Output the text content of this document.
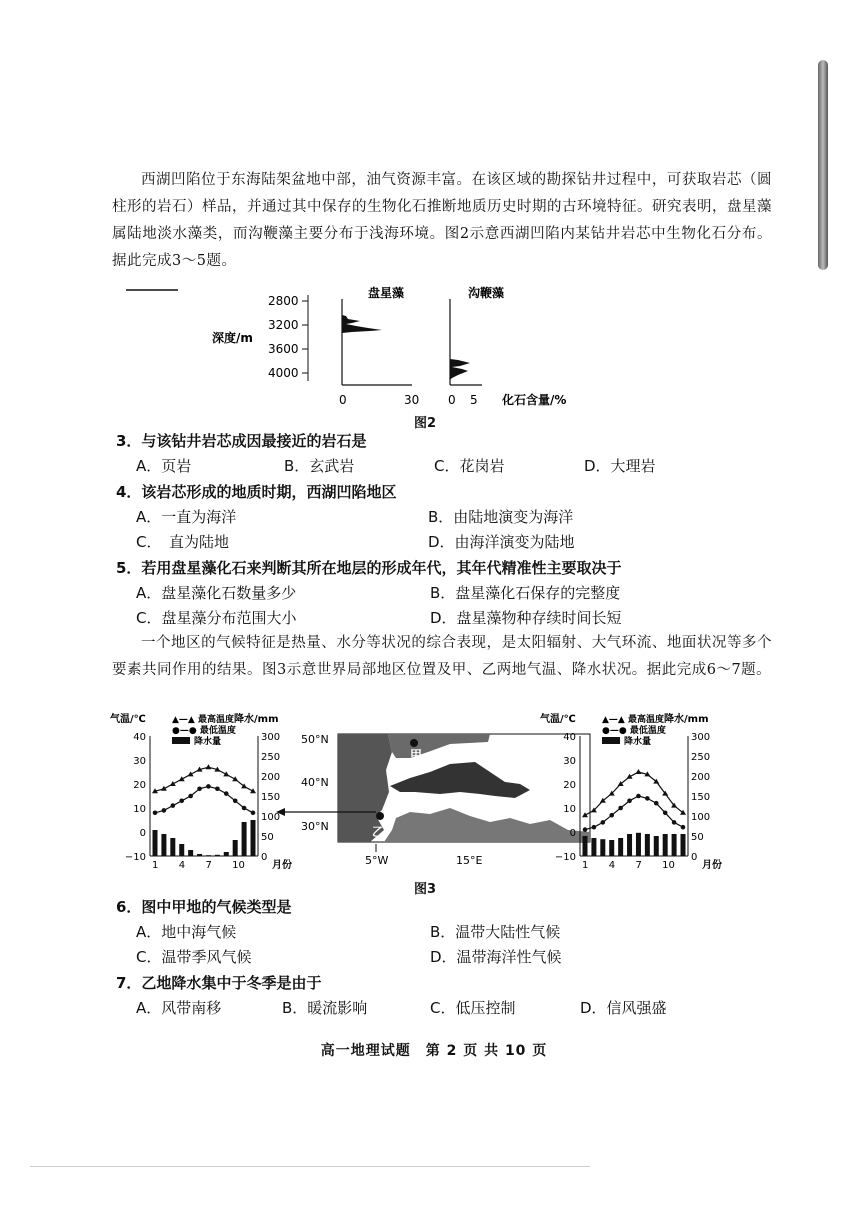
西湖凹陷位于东海陆架盆地中部，油气资源丰富。在该区域的勘探钻井过程中，可获取岩芯（圆柱形的岩石）样品，并通过其中保存的生物化石推断地质历史时期的古环境特征。研究表明，盘星藻属陆地淡水藻类，而沟鞭藻主要分布于浅海环境。图2示意西湖凹陷内某钻井岩芯中生物化石分布。据此完成3～5题。
深度/m
盘星藻	沟鞭藻
2800
3200
3600
4000
0	30 0 5 化石含量/%
图2
3．与该钻井岩芯成因最接近的岩石是
A．页岩	B．玄武岩	C．花岗岩	D．大理岩
4．该岩芯形成的地质时期，西湖凹陷地区
A．一直为海洋	B．由陆地演变为海洋
C．　直为陆地	D．由海洋演变为陆地
5．若用盘星藻化石来判断其所在地层的形成年代，其年代精准性主要取决于
A．盘星藻化石数量多少	B．盘星藻化石保存的完整度
C．盘星藻分布范围大小	D．盘星藻物种存续时间长短
一个地区的气候特征是热量、水分等状况的综合表现，是太阳辐射、大气环流、地面状况等多个要素共同作用的结果。图3示意世界局部地区位置及甲、乙两地气温、降水状况。据此完成6～7题。
甲
乙
50°N
40°N
30°N
5°W	15°E
气温/℃	▲—▲ 最高温度 降水/mm
●—● 最低温度
降水量
40
30
20
10
0
−10
300
250
200
150
100
50
0
1 4 7 10	月份
气温/℃	▲—▲ 最高温度 降水/mm
●—● 最低温度
降水量
40
30
20
10
0
−10
300
250
200
150
100
50
0
1 4 7 10	月份
图3
6．图中甲地的气候类型是
A．地中海气候	B．温带大陆性气候
C．温带季风气候	D．温带海洋性气候
7．乙地降水集中于冬季是由于
A．风带南移	B．暖流影响	C．低压控制	D．信风强盛
高一地理试题　第 2 页 共 10 页
